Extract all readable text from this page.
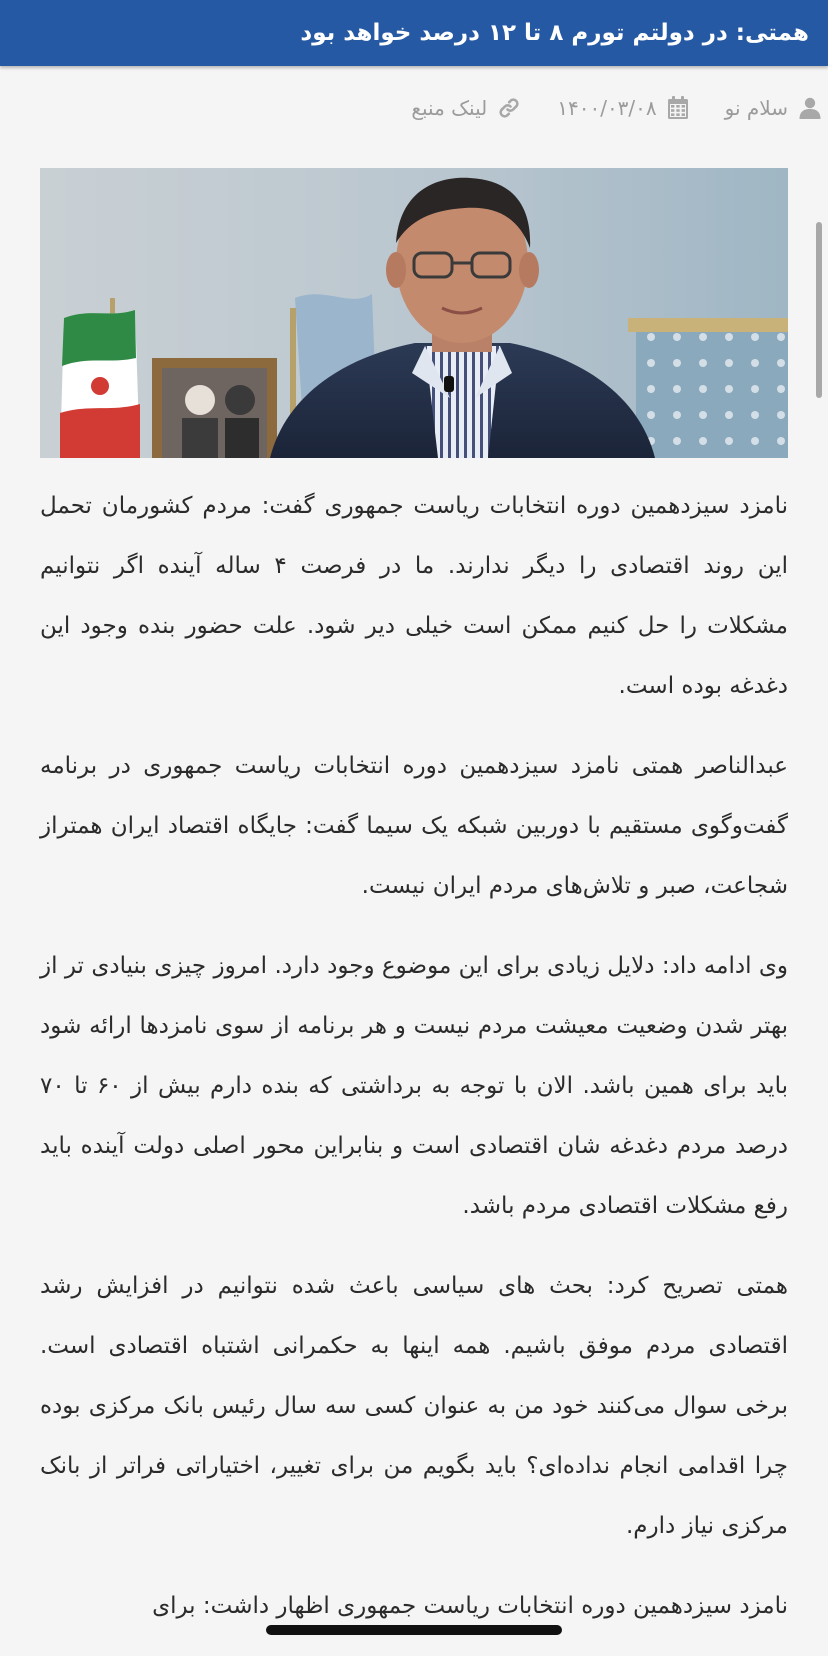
همتی: در دولتم تورم ۸ تا ۱۲ درصد خواهد بود
سلام نو
۱۴۰۰/۰۳/۰۸
لینک منبع

نامزد سیزدهمین دوره انتخابات ریاست جمهوری گفت: مردم کشورمان تحمل این روند اقتصادی را دیگر ندارند. ما در فرصت ۴ ساله آینده اگر نتوانیم مشکلات را حل کنیم ممکن است خیلی دیر شود. علت حضور بنده وجود این دغدغه بوده است.

عبدالناصر همتی نامزد سیزدهمین دوره انتخابات ریاست جمهوری در برنامه گفت‌وگوی مستقیم با دوربین شبکه یک سیما گفت: جایگاه اقتصاد ایران همتراز شجاعت، صبر و تلاش‌های مردم ایران نیست.

وی ادامه داد: دلایل زیادی برای این موضوع وجود دارد. امروز چیزی بنیادی تر از بهتر شدن وضعیت معیشت مردم نیست و هر برنامه از سوی نامزدها ارائه شود باید برای همین باشد. الان با توجه به برداشتی که بنده دارم بیش از ۶۰ تا ۷۰ درصد مردم دغدغه شان اقتصادی است و بنابراین محور اصلی دولت آینده باید رفع مشکلات اقتصادی مردم باشد.

همتی تصریح کرد: بحث های سیاسی باعث شده نتوانیم در افزایش رشد اقتصادی مردم موفق باشیم. همه اینها به حکمرانی اشتباه اقتصادی است. برخی سوال می‌کنند خود من به عنوان کسی سه سال رئیس بانک مرکزی بوده چرا اقدامی انجام نداده‌ای؟ باید بگویم من برای تغییر، اختیاراتی فراتر از بانک مرکزی نیاز دارم.

نامزد سیزدهمین دوره انتخابات ریاست جمهوری اظهار داشت: برای
